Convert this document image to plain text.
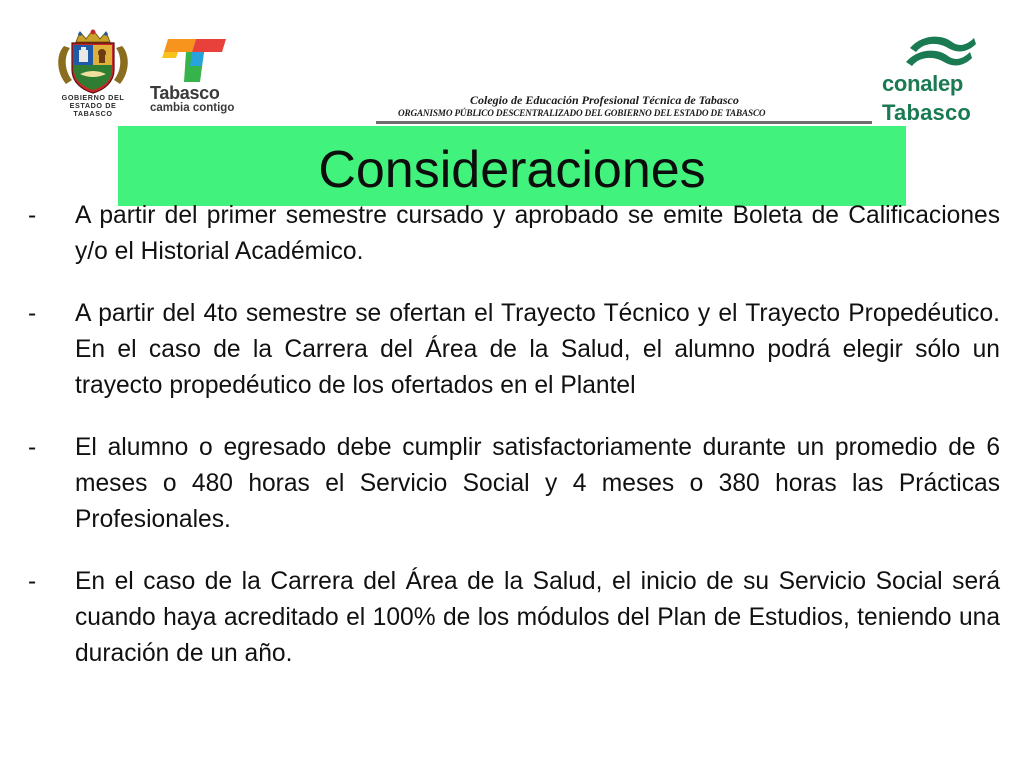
GOBIERNO DEL
ESTADO DE
TABASCO
Tabasco
cambia contigo
Colegio de Educación Profesional Técnica de Tabasco
ORGANISMO PÚBLICO DESCENTRALIZADO DEL GOBIERNO DEL ESTADO DE TABASCO
conalep
Tabasco
Consideraciones
- A partir del primer semestre cursado y aprobado se emite Boleta de Calificaciones y/o el Historial Académico.
- A partir del 4to semestre se ofertan el Trayecto Técnico y el Trayecto Propedéutico. En el caso de la Carrera del Área de la Salud, el alumno podrá elegir sólo un trayecto propedéutico de los ofertados en el Plantel
- El alumno o egresado debe cumplir satisfactoriamente durante un promedio de 6 meses o 480 horas el Servicio Social y 4 meses o 380 horas las Prácticas Profesionales.
- En el caso de la Carrera del Área de la Salud, el inicio de su Servicio Social será cuando haya acreditado el 100% de los módulos del Plan de Estudios, teniendo una duración de un año.
